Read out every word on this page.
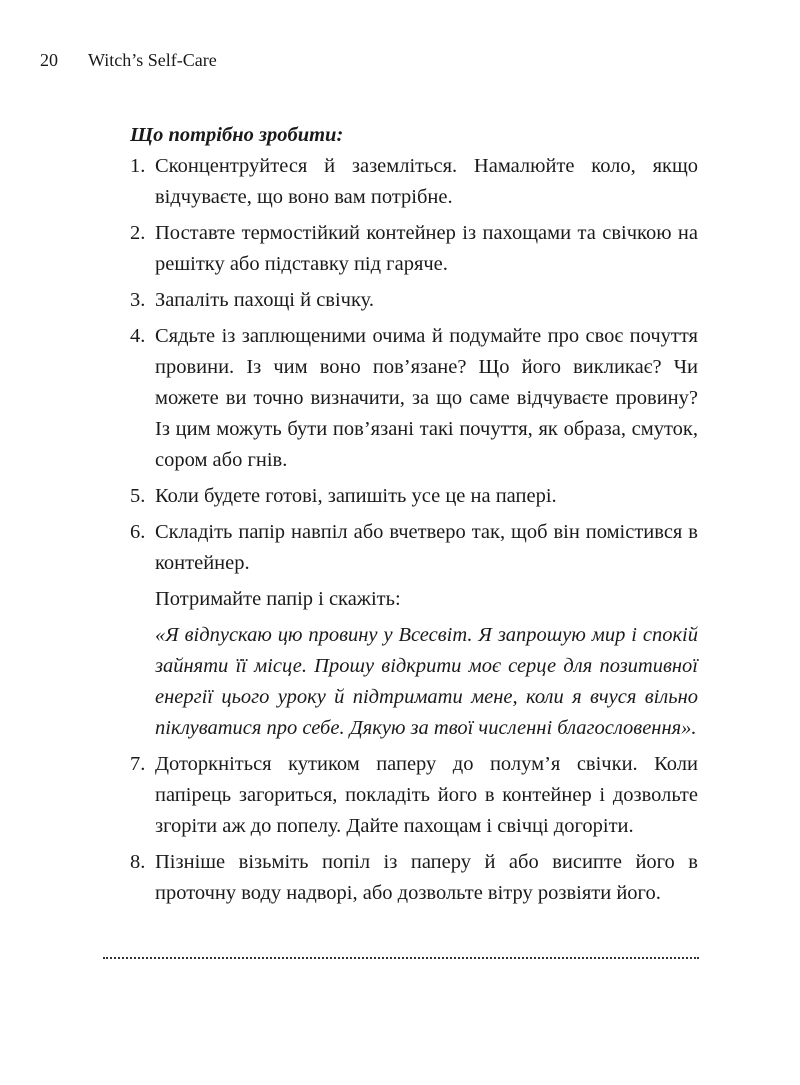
20 Witch’s Self-Care
Що потрібно зробити:
1. Сконцентруйтеся й заземліться. Намалюйте коло, якщо відчуваєте, що воно вам потрібне.
2. Поставте термостійкий контейнер із пахощами та свічкою на решітку або підставку під гаряче.
3. Запаліть пахощі й свічку.
4. Сядьте із заплющеними очима й подумайте про своє почуття провини. Із чим воно пов’язане? Що його викликає? Чи можете ви точно визначити, за що саме відчуваєте провину? Із цим можуть бути пов’язані такі почуття, як образа, смуток, сором або гнів.
5. Коли будете готові, запишіть усе це на папері.
6. Складіть папір навпіл або вчетверо так, щоб він помістився в контейнер.
Потримайте папір і скажіть:
«Я відпускаю цю провину у Всесвіт. Я запрошую мир і спокій зайняти її місце. Прошу відкрити моє серце для позитивної енергії цього уроку й підтримати мене, коли я вчуся вільно піклуватися про себе. Дякую за твої численні благословення».
7. Доторкніться кутиком паперу до полум’я свічки. Коли папірець загориться, покладіть його в контейнер і дозвольте згоріти аж до попелу. Дайте пахощам і свічці догоріти.
8. Пізніше візьміть попіл із паперу й або висипте його в проточну воду надворі, або дозвольте вітру розвіяти його.
